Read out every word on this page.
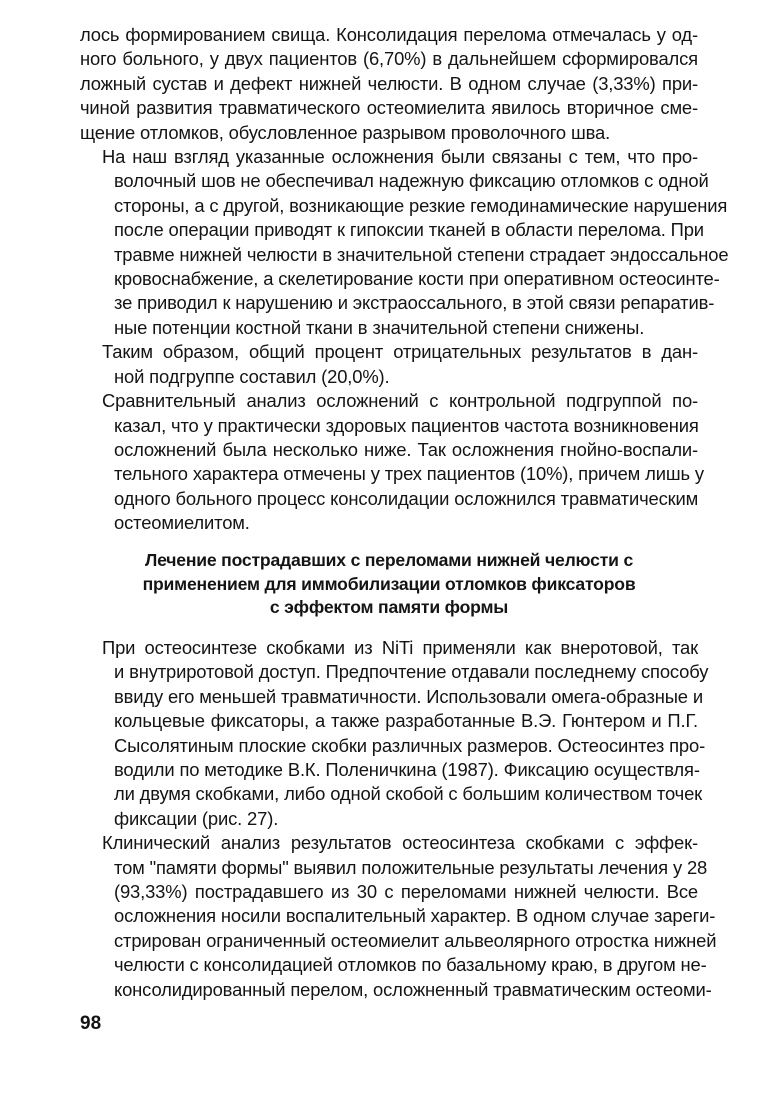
лось формированием свища. Консолидация перелома отмечалась у од-
ного больного, у двух пациентов (6,70%) в дальнейшем сформировался
ложный сустав и дефект нижней челюсти. В одном случае (3,33%) при-
чиной развития травматического остеомиелита явилось вторичное сме-
щение отломков, обусловленное разрывом проволочного шва.

На наш взгляд указанные осложнения были связаны с тем, что про-
волочный шов не обеспечивал надежную фиксацию отломков с одной
стороны, а с другой, возникающие резкие гемодинамические нарушения
после операции приводят к гипоксии тканей в области перелома. При
травме нижней челюсти в значительной степени страдает эндоссальное
кровоснабжение, а скелетирование кости при оперативном остеосинте-
зе приводил к нарушению и экстраоссального, в этой связи репаратив-
ные потенции костной ткани в значительной степени снижены.

Таким образом, общий процент отрицательных результатов в дан-
ной подгруппе составил (20,0%).

Сравнительный анализ осложнений с контрольной подгруппой по-
казал, что у практически здоровых пациентов частота возникновения
осложнений была несколько ниже. Так осложнения гнойно-воспали-
тельного характера отмечены у трех пациентов (10%), причем лишь у
одного больного процесс консолидации осложнился травматическим
остеомиелитом.

Лечение пострадавших с переломами нижней челюсти с
применением для иммобилизации отломков фиксаторов
с эффектом памяти формы

При остеосинтезе скобками из NiTi применяли как внеротовой, так
и внутриротовой доступ. Предпочтение отдавали последнему способу
ввиду его меньшей травматичности. Использовали омега-образные и
кольцевые фиксаторы, а также разработанные В.Э. Гюнтером и П.Г.
Сысолятиным плоские скобки различных размеров. Остеосинтез про-
водили по методике В.К. Поленичкина (1987). Фиксацию осуществля-
ли двумя скобками, либо одной скобой с большим количеством точек
фиксации (рис. 27).

Клинический анализ результатов остеосинтеза скобками с эффек-
том "памяти формы" выявил положительные результаты лечения у 28
(93,33%) пострадавшего из 30 с переломами нижней челюсти. Все
осложнения носили воспалительный характер. В одном случае зареги-
стрирован ограниченный остеомиелит альвеолярного отростка нижней
челюсти с консолидацией отломков по базальному краю, в другом не-
консолидированный перелом, осложненный травматическим остеоми-

98
